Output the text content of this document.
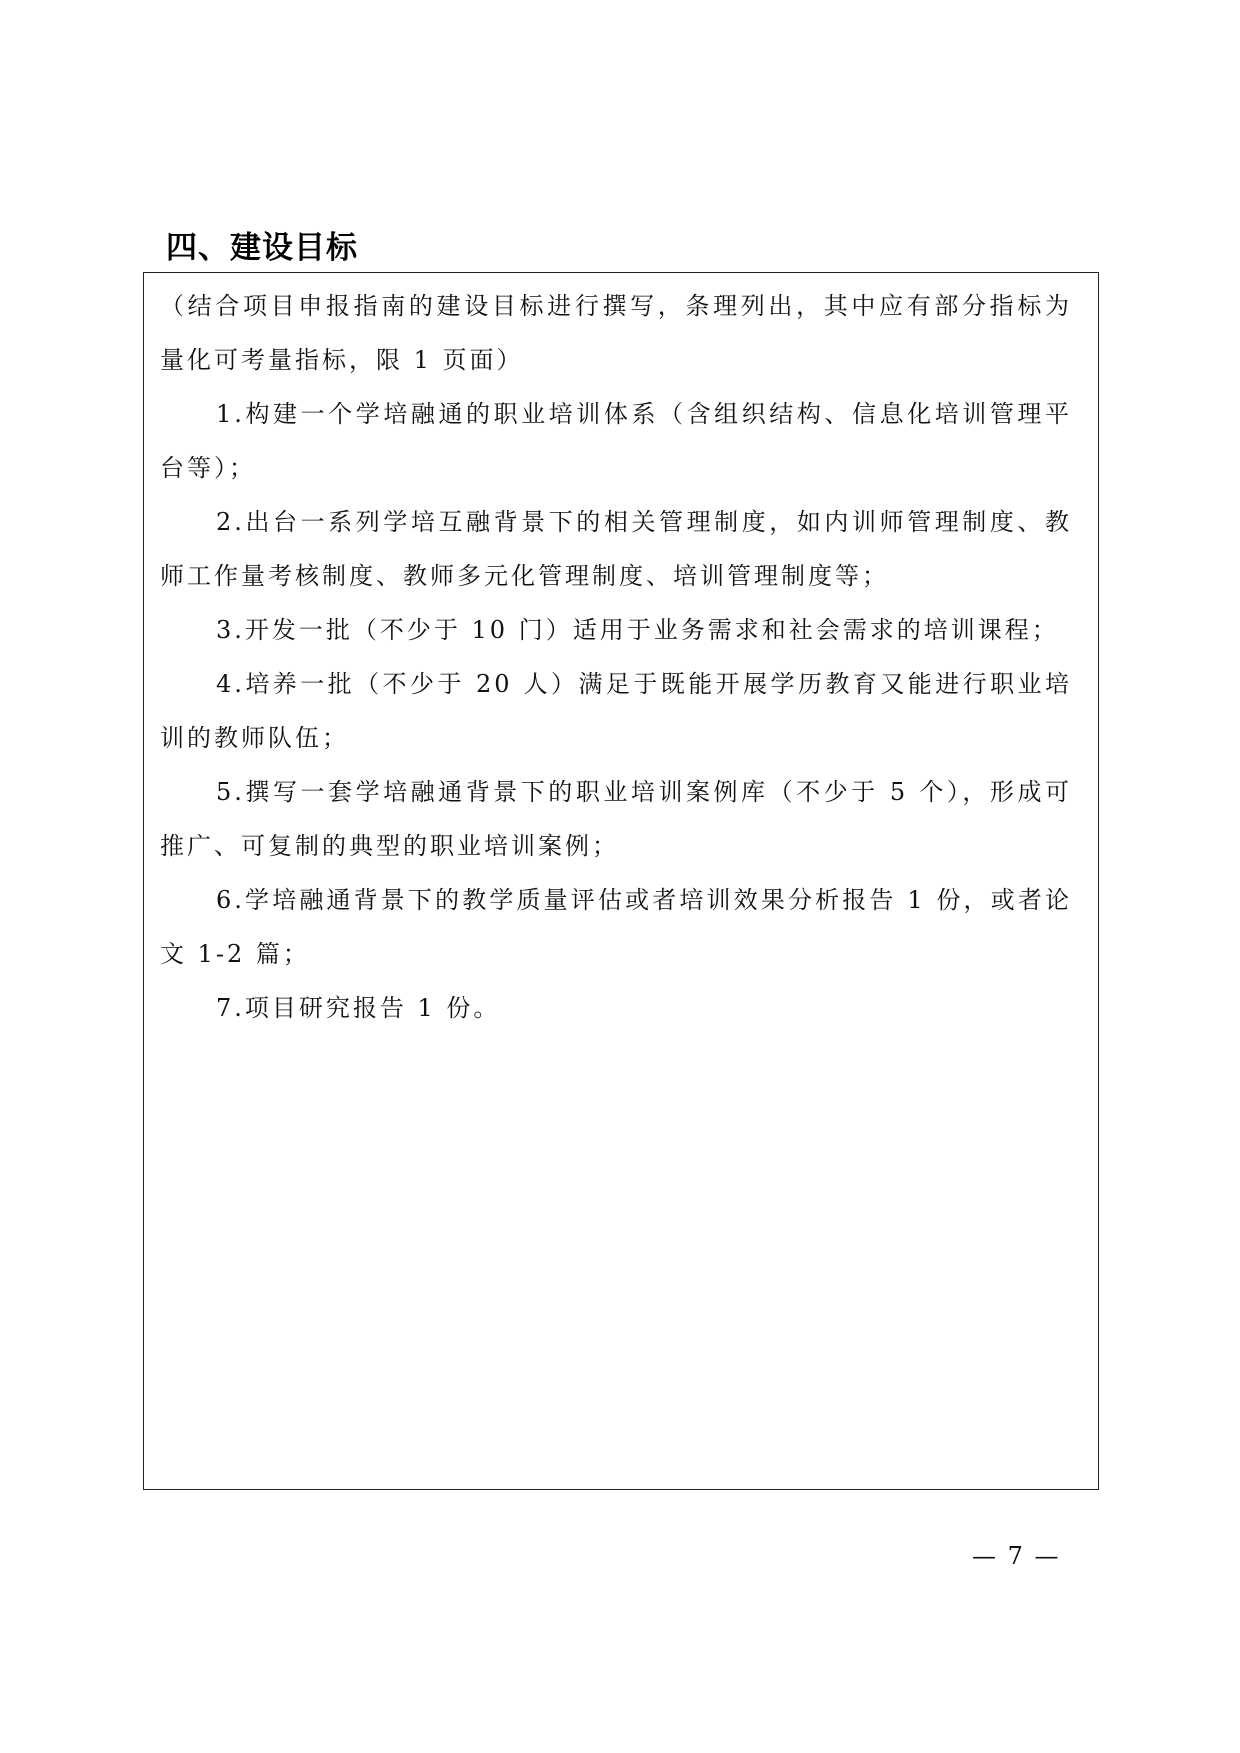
四、建设目标

（结合项目申报指南的建设目标进行撰写，条理列出，其中应有部分指标为量化可考量指标，限 1 页面）

1.构建一个学培融通的职业培训体系（含组织结构、信息化培训管理平台等）；

2.出台一系列学培互融背景下的相关管理制度，如内训师管理制度、教师工作量考核制度、教师多元化管理制度、培训管理制度等；

3.开发一批（不少于 10 门）适用于业务需求和社会需求的培训课程；

4.培养一批（不少于 20 人）满足于既能开展学历教育又能进行职业培训的教师队伍；

5.撰写一套学培融通背景下的职业培训案例库（不少于 5 个），形成可推广、可复制的典型的职业培训案例；

6.学培融通背景下的教学质量评估或者培训效果分析报告 1 份，或者论文 1-2 篇；

7.项目研究报告 1 份。

— 7 —
